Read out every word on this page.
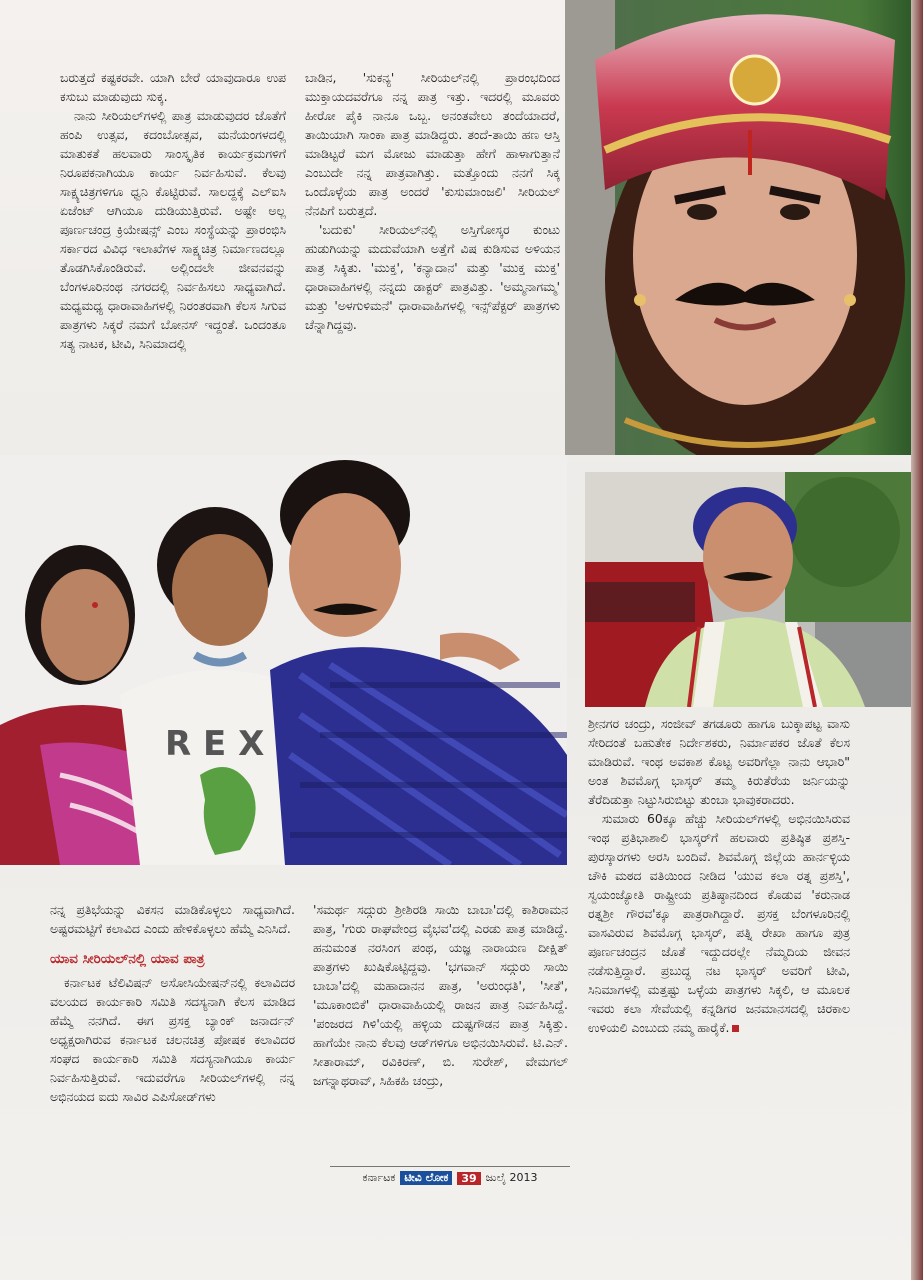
ಬರುತ್ತದೆ ಕಷ್ಟಕರವೇ. ಯಾಗಿ ಬೇರೆ ಯಾವುದಾರೂ ಉಪ ಕಸುಬು ಮಾಡುವುದು ಸುಕ್ಕ.

ನಾನು ಸೀರಿಯಲ್‌ಗಳಲ್ಲಿ ಪಾತ್ರ ಮಾಡುವುದರ ಜೊತೆಗೆ ಹಂಪಿ ಉತ್ಸವ, ಕದಂಬೋತ್ಸವ, ಮನೆಯಂಗಳದಲ್ಲಿ ಮಾತುಕತೆ ಹಲವಾರು ಸಾಂಸ್ಕೃತಿಕ ಕಾರ್ಯಕ್ರಮಗಳಿಗೆ ನಿರೂಪಕನಾಗಿಯೂ ಕಾರ್ಯ ನಿರ್ವಹಿಸುವೆ. ಕೆಲವು ಸಾಕ್ಷ್ಯಚಿತ್ರಗಳಿಗೂ ಧ್ವನಿ ಕೊಟ್ಟಿರುವೆ. ಸಾಲದ್ದಕ್ಕೆ ಎಲ್‌ಐಸಿ ಏಜೆಂಟ್ ಆಗಿಯೂ ದುಡಿಯುತ್ತಿರುವೆ. ಅಷ್ಟೇ ಅಲ್ಲ ಪೂರ್ಣಚಂದ್ರ ಕ್ರಿಯೇಷನ್ಸ್ ಎಂಬ ಸಂಸ್ಥೆಯನ್ನು ಪ್ರಾರಂಭಿಸಿ ಸರ್ಕಾರದ ವಿವಿಧ ಇಲಾಖೆಗಳ ಸಾಕ್ಷ್ಯಚಿತ್ರ ನಿರ್ಮಾಣದಲ್ಲೂ ತೊಡಗಿಸಿಕೊಂಡಿರುವೆ. ಅಲ್ಲಿಂದಲೇ ಜೀವನವನ್ನು ಬೆಂಗಳೂರಿನಂಥ ನಗರದಲ್ಲಿ ನಿರ್ವಹಿಸಲು ಸಾಧ್ಯವಾಗಿದೆ. ಮಧ್ಯಮಧ್ಯ ಧಾರಾವಾಹಿಗಳಲ್ಲಿ ನಿರಂತರವಾಗಿ ಕೆಲಸ ಸಿಗುವ ಪಾತ್ರಗಳು ಸಿಕ್ಕರೆ ನಮಗೆ ಬೋನಸ್ ಇದ್ದಂತೆ. ಒಂದಂತೂ ಸತ್ಯ ನಾಟಕ, ಟೀವಿ, ಸಿನಿಮಾದಲ್ಲಿ

ಬಾಡಿನ, 'ಸುಕನ್ಯ' ಸೀರಿಯಲ್‌ನಲ್ಲಿ ಪ್ರಾರಂಭದಿಂದ ಮುಕ್ತಾಯದವರೆಗೂ ನನ್ನ ಪಾತ್ರ ಇತ್ತು. ಇದರಲ್ಲಿ ಮೂವರು ಹೀರೋ ಪೈಕಿ ನಾನೂ ಒಬ್ಬ. ಅನಂತವೇಲು ತಂದೆಯಾದರೆ, ತಾಯಿಯಾಗಿ ಸಾಂಕಾ ಪಾತ್ರ ಮಾಡಿದ್ದರು. ತಂದೆ-ತಾಯಿ ಹಣ ಆಸ್ತಿ ಮಾಡಿಟ್ಟರೆ ಮಗ ಮೋಜು ಮಾಡುತ್ತಾ ಹೇಗೆ ಹಾಳಾಗುತ್ತಾನೆ ಎಂಬುದೇ ನನ್ನ ಪಾತ್ರವಾಗಿತ್ತು. ಮತ್ತೊಂದು ನನಗೆ ಸಿಕ್ಕ ಒಂದೊಳ್ಳೆಯ ಪಾತ್ರ ಅಂದರೆ 'ಕುಸುಮಾಂಜಲಿ' ಸೀರಿಯಲ್ ನೆನಪಿಗೆ ಬರುತ್ತದೆ.

'ಬದುಕು' ಸೀರಿಯಲ್‌ನಲ್ಲಿ ಅಸ್ತಿಗೋಸ್ಕರ ಕುಂಟು ಹುಡುಗಿಯನ್ನು ಮದುವೆಯಾಗಿ ಅತ್ತೆಗೆ ವಿಷ ಕುಡಿಸುವ ಅಳಿಯನ ಪಾತ್ರ ಸಿಕ್ಕಿತು. 'ಮುಕ್ತ', 'ಕನ್ಯಾದಾನ' ಮತ್ತು 'ಮುಕ್ತ ಮುಕ್ತ' ಧಾರಾವಾಹಿಗಳಲ್ಲಿ ನನ್ನದು ಡಾಕ್ಟರ್ ಪಾತ್ರವಿತ್ತು. 'ಅಮ್ಮನಾಗಮ್ಮ' ಮತ್ತು 'ಅಳಗುಳಿಮನೆ' ಧಾರಾವಾಹಿಗಳಲ್ಲಿ ಇನ್ಸ್‌ಪೆಕ್ಟರ್ ಪಾತ್ರಗಳು ಚೆನ್ನಾಗಿದ್ದವು.

R E X

ಶ್ರೀನಗರ ಚಂದ್ರು, ಸಂಜೀವ್ ತಗಡೂರು ಹಾಗೂ ಬುಕ್ಕಾಪಟ್ಟ ವಾಸು ಸೇರಿದಂತೆ ಬಹುತೇಕ ನಿರ್ದೇಶಕರು, ನಿರ್ಮಾಪಕರ ಜೊತೆ ಕೆಲಸ ಮಾಡಿರುವೆ. ಇಂಥ ಅವಕಾಶ ಕೊಟ್ಟ ಅವರಿಗೆಲ್ಲಾ ನಾನು ಆಭಾರಿ" ಅಂತ ಶಿವಮೊಗ್ಗ ಭಾಸ್ಕರ್ ತಮ್ಮ ಕಿರುತೆರೆಯ ಜರ್ನಿಯನ್ನು ತೆರೆದಿಡುತ್ತಾ ನಿಟ್ಟುಸಿರುಬಿಟ್ಟು ತುಂಬಾ ಭಾವುಕರಾದರು.

ಸುಮಾರು 60ಕ್ಕೂ ಹೆಚ್ಚು ಸೀರಿಯಲ್‌ಗಳಲ್ಲಿ ಅಭಿನಯಿಸಿರುವ ಇಂಥ ಪ್ರತಿಭಾಶಾಲಿ ಭಾಸ್ಕರ್‌ಗೆ ಹಲವಾರು ಪ್ರತಿಷ್ಠಿತ ಪ್ರಶಸ್ತಿ-ಪುರಸ್ಕಾರಗಳು ಅರಸಿ ಬಂದಿವೆ. ಶಿವಮೊಗ್ಗ ಜಿಲ್ಲೆಯ ಹಾರ್ನಳ್ಳಿಯ ಚೌಕಿ ಮಠದ ವತಿಯಿಂದ ನೀಡಿದ 'ಯುವ ಕಲಾ ರತ್ನ ಪ್ರಶಸ್ತಿ', ಸ್ವಯಂಜ್ಯೋತಿ ರಾಷ್ಟ್ರೀಯ ಪ್ರತಿಷ್ಠಾನದಿಂದ ಕೊಡುವ 'ಕರುನಾಡ ರತ್ನಶ್ರೀ ಗೌರವ'ಕ್ಕೂ ಪಾತ್ರರಾಗಿದ್ದಾರೆ. ಪ್ರಸಕ್ತ ಬೆಂಗಳೂರಿನಲ್ಲಿ ವಾಸವಿರುವ ಶಿವಮೊಗ್ಗ ಭಾಸ್ಕರ್, ಪತ್ನಿ ರೇಖಾ ಹಾಗೂ ಪುತ್ರ ಪೂರ್ಣಚಂದ್ರನ ಜೊತೆ ಇದ್ದುದರಲ್ಲೇ ನೆಮ್ಮದಿಯ ಜೀವನ ನಡೆಸುತ್ತಿದ್ದಾರೆ. ಪ್ರಬುದ್ಧ ನಟ ಭಾಸ್ಕರ್ ಅವರಿಗೆ ಟೀವಿ, ಸಿನಿಮಾಗಳಲ್ಲಿ ಮತ್ತಷ್ಟು ಒಳ್ಳೆಯ ಪಾತ್ರಗಳು ಸಿಕ್ಕಲಿ, ಆ ಮೂಲಕ ಇವರು ಕಲಾ ಸೇವೆಯಲ್ಲಿ ಕನ್ನಡಿಗರ ಜನಮಾನಸದಲ್ಲಿ ಚಿರಕಾಲ ಉಳಿಯಲಿ ಎಂಬುದು ನಮ್ಮ ಹಾರೈಕೆ.

ನನ್ನ ಪ್ರತಿಭೆಯನ್ನು ವಿಕಸನ ಮಾಡಿಕೊಳ್ಳಲು ಸಾಧ್ಯವಾಗಿದೆ. ಅಷ್ಟರಮಟ್ಟಿಗೆ ಕಲಾವಿದ ಎಂದು ಹೇಳಿಕೊಳ್ಳಲು ಹೆಮ್ಮೆ ಎನಿಸಿದೆ.

ಯಾವ ಸೀರಿಯಲ್‌ನಲ್ಲಿ ಯಾವ ಪಾತ್ರ

ಕರ್ನಾಟಕ ಟೆಲಿವಿಷನ್ ಅಸೋಸಿಯೇಷನ್‌ನಲ್ಲಿ ಕಲಾವಿದರ ವಲಯದ ಕಾರ್ಯಕಾರಿ ಸಮಿತಿ ಸದಸ್ಯನಾಗಿ ಕೆಲಸ ಮಾಡಿದ ಹೆಮ್ಮೆ ನನಗಿದೆ. ಈಗ ಪ್ರಸಕ್ತ ಬ್ಯಾಂಕ್ ಜನಾರ್ದನ್ ಅಧ್ಯಕ್ಷರಾಗಿರುವ ಕರ್ನಾಟಕ ಚಲನಚಿತ್ರ ಪೋಷಕ ಕಲಾವಿದರ ಸಂಘದ ಕಾರ್ಯಕಾರಿ ಸಮಿತಿ ಸದಸ್ಯನಾಗಿಯೂ ಕಾರ್ಯ ನಿರ್ವಹಿಸುತ್ತಿರುವೆ. ಇದುವರೆಗೂ ಸೀರಿಯಲ್‌ಗಳಲ್ಲಿ ನನ್ನ ಅಭಿನಯದ ಐದು ಸಾವಿರ ಎಪಿಸೋಡ್‌ಗಳು

'ಸಮರ್ಥ ಸದ್ಗುರು ಶ್ರೀಶಿರಡಿ ಸಾಯಿ ಬಾಬಾ'ದಲ್ಲಿ ಕಾಶಿರಾಮನ ಪಾತ್ರ, 'ಗುರು ರಾಘವೇಂದ್ರ ವೈಭವ'ದಲ್ಲಿ ಎರಡು ಪಾತ್ರ ಮಾಡಿದ್ದೆ. ಹನುಮಂತ ನರಸಿಂಗ ಪಂಥ, ಯಜ್ಞ ನಾರಾಯಣ ದೀಕ್ಷಿತ್ ಪಾತ್ರಗಳು ಖುಷಿಕೊಟ್ಟಿದ್ದವು. 'ಭಗವಾನ್ ಸದ್ಗುರು ಸಾಯಿ ಬಾಬಾ'ದಲ್ಲಿ ಮಹಾದಾನನ ಪಾತ್ರ, 'ಅರುಂಧತಿ', 'ಸೀತೆ', 'ಮೂಕಾಂಬಿಕೆ' ಧಾರಾವಾಹಿಯಲ್ಲಿ ರಾಜನ ಪಾತ್ರ ನಿರ್ವಹಿಸಿದ್ದೆ. 'ಪಂಜರದ ಗಿಳಿ'ಯಲ್ಲಿ ಹಳ್ಳಿಯ ದುಷ್ಟಗೌಡನ ಪಾತ್ರ ಸಿಕ್ಕಿತ್ತು. ಹಾಗೆಯೇ ನಾನು ಕೆಲವು ಆಡ್‌ಗಳಿಗೂ ಅಭಿನಯಿಸಿರುವೆ. ಟಿ.ಎನ್. ಸೀತಾರಾಮ್, ರವಿಕಿರಣ್, ಬಿ. ಸುರೇಶ್, ವೇಮಗಲ್ ಜಗನ್ನಾಥರಾವ್, ಸಿಹಿಕಹಿ ಚಂದ್ರು,

ಕರ್ನಾಟಕ ಟೀವಿ ಲೋಕ	39 ಜುಲೈ 2013
